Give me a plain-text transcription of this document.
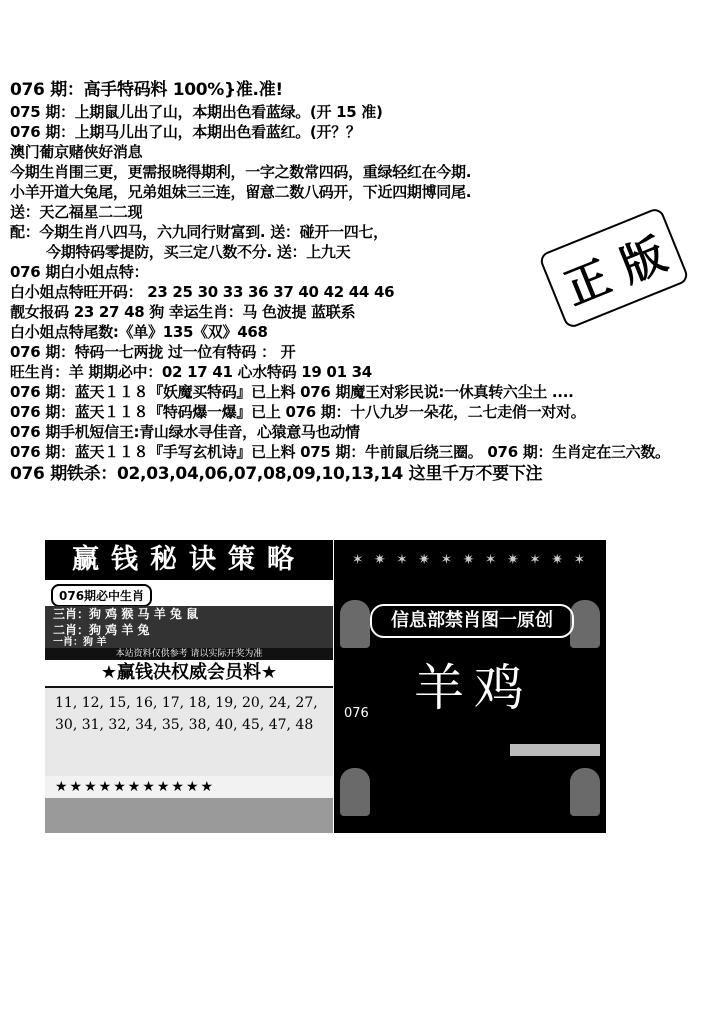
076 期：高手特码料 100%}准.准!
075 期：上期鼠儿出了山，本期出色看蓝绿。(开 15 准)
076 期：上期马儿出了山，本期出色看蓝红。(开？？
澳门葡京赌侠好消息
今期生肖围三更，更需报晓得期利，一字之数常四码，重绿轻红在今期.
小羊开道大兔尾，兄弟姐妹三三连，留意二数八码开，下近四期博同尾.
送：天乙福星二二现
配：今期生肖八四马，六九同行财富到. 送：碰开一四七，
今期特码零提防，买三定八数不分. 送：上九天
076 期白小姐点特：
白小姐点特旺开码： 23 25 30 33 36 37 40 42 44 46
靓女报码 23 27 48 狗 幸运生肖：马 色波提 蓝联系
白小姐点特尾数:《单》135《双》468
076 期：特码一七两拢 过一位有特码 ： 开
旺生肖：羊 期期必中：02 17 41 心水特码 19 01 34
076 期：蓝天１１８『妖魔买特码』已上料 076 期魔王对彩民说:一休真转六尘土 ....
076 期：蓝天１１８『特码爆一爆』已上 076 期：十八九岁一朵花，二七走俏一对对。
076 期手机短信王:青山绿水寻佳音，心猿意马也动情
076 期：蓝天１１８『手写玄机诗』已上料 075 期：牛前鼠后绕三圈。 076 期：生肖定在三六数。
076 期铁杀：02,03,04,06,07,08,09,10,13,14 这里千万不要下注
正
版
赢钱秘诀策略
076期必中生肖
三肖：狗 鸡 猴 马 羊 兔 鼠
二肖：狗 鸡 羊 兔
一肖：狗 羊
本站资料仅供参考 请以实际开奖为准
★赢钱决权威会员料★
11, 12, 15, 16, 17, 18, 19, 20, 24, 27, 30, 31, 32, 34, 35, 38, 40, 45, 47, 48
★★★★★★★★★★★
✶ ✷ ✶ ✷ ✶ ✷ ✶ ✷ ✶ ✷ ✶
信息部禁肖图一原创
羊鸡
076
